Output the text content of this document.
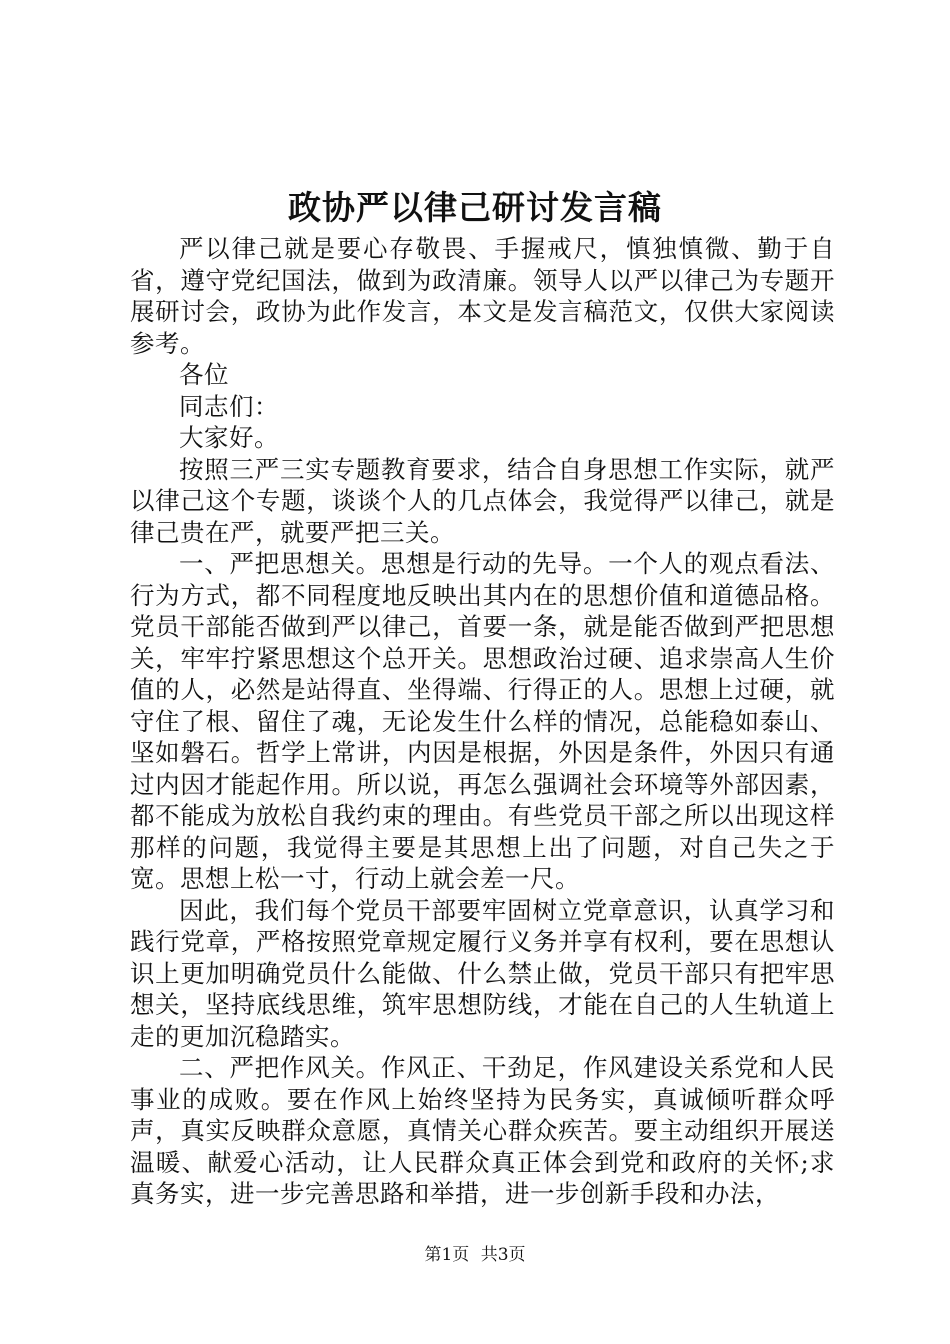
政协严以律己研讨发言稿

严以律己就是要心存敬畏、手握戒尺，慎独慎微、勤于自省，遵守党纪国法，做到为政清廉。领导人以严以律己为专题开展研讨会，政协为此作发言，本文是发言稿范文，仅供大家阅读参考。

各位

同志们：

大家好。

按照三严三实专题教育要求，结合自身思想工作实际，就严以律己这个专题，谈谈个人的几点体会，我觉得严以律己，就是律己贵在严，就要严把三关。

一、严把思想关。思想是行动的先导。一个人的观点看法、行为方式，都不同程度地反映出其内在的思想价值和道德品格。党员干部能否做到严以律己，首要一条，就是能否做到严把思想关，牢牢拧紧思想这个总开关。思想政治过硬、追求崇高人生价值的人，必然是站得直、坐得端、行得正的人。思想上过硬，就守住了根、留住了魂，无论发生什么样的情况，总能稳如泰山、坚如磐石。哲学上常讲，内因是根据，外因是条件，外因只有通过内因才能起作用。所以说，再怎么强调社会环境等外部因素，都不能成为放松自我约束的理由。有些党员干部之所以出现这样那样的问题，我觉得主要是其思想上出了问题，对自己失之于宽。思想上松一寸，行动上就会差一尺。

因此，我们每个党员干部要牢固树立党章意识，认真学习和践行党章，严格按照党章规定履行义务并享有权利，要在思想认识上更加明确党员什么能做、什么禁止做，党员干部只有把牢思想关，坚持底线思维，筑牢思想防线，才能在自己的人生轨道上走的更加沉稳踏实。

二、严把作风关。作风正、干劲足，作风建设关系党和人民事业的成败。要在作风上始终坚持为民务实，真诚倾听群众呼声，真实反映群众意愿，真情关心群众疾苦。要主动组织开展送温暖、献爱心活动，让人民群众真正体会到党和政府的关怀;求真务实，进一步完善思路和举措，进一步创新手段和办法，

第1页 共3页
